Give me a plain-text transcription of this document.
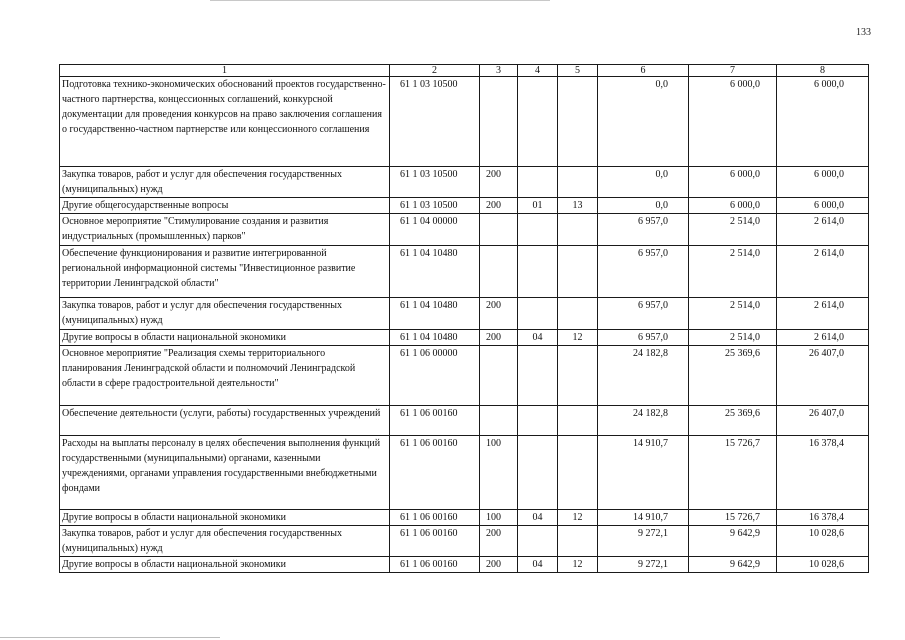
133
1	2	3	4	5	6	7	8
Подготовка технико-экономических обоснований проектов государственно-частного партнерства, концессионных соглашений, конкурсной документации для проведения конкурсов на право заключения соглашения о государственно-частном партнерстве или концессионного соглашения	61 1 03 10500				0,0	6 000,0	6 000,0
Закупка товаров, работ и услуг для обеспечения государственных (муниципальных) нужд	61 1 03 10500	200			0,0	6 000,0	6 000,0
Другие общегосударственные вопросы	61 1 03 10500	200	01	13	0,0	6 000,0	6 000,0
Основное мероприятие "Стимулирование создания и развития индустриальных (промышленных) парков"	61 1 04 00000				6 957,0	2 514,0	2 614,0
Обеспечение функционирования и развитие интегрированной региональной информационной системы "Инвестиционное развитие территории Ленинградской области"	61 1 04 10480				6 957,0	2 514,0	2 614,0
Закупка товаров, работ и услуг для обеспечения государственных (муниципальных) нужд	61 1 04 10480	200			6 957,0	2 514,0	2 614,0
Другие вопросы в области национальной экономики	61 1 04 10480	200	04	12	6 957,0	2 514,0	2 614,0
Основное мероприятие "Реализация схемы территориального планирования Ленинградской области и полномочий Ленинградской области в сфере градостроительной деятельности"	61 1 06 00000				24 182,8	25 369,6	26 407,0
Обеспечение деятельности (услуги, работы) государственных учреждений	61 1 06 00160				24 182,8	25 369,6	26 407,0
Расходы на выплаты персоналу в целях обеспечения выполнения функций государственными (муниципальными) органами, казенными учреждениями, органами управления государственными внебюджетными фондами	61 1 06 00160	100			14 910,7	15 726,7	16 378,4
Другие вопросы в области национальной экономики	61 1 06 00160	100	04	12	14 910,7	15 726,7	16 378,4
Закупка товаров, работ и услуг для обеспечения государственных (муниципальных) нужд	61 1 06 00160	200			9 272,1	9 642,9	10 028,6
Другие вопросы в области национальной экономики	61 1 06 00160	200	04	12	9 272,1	9 642,9	10 028,6
